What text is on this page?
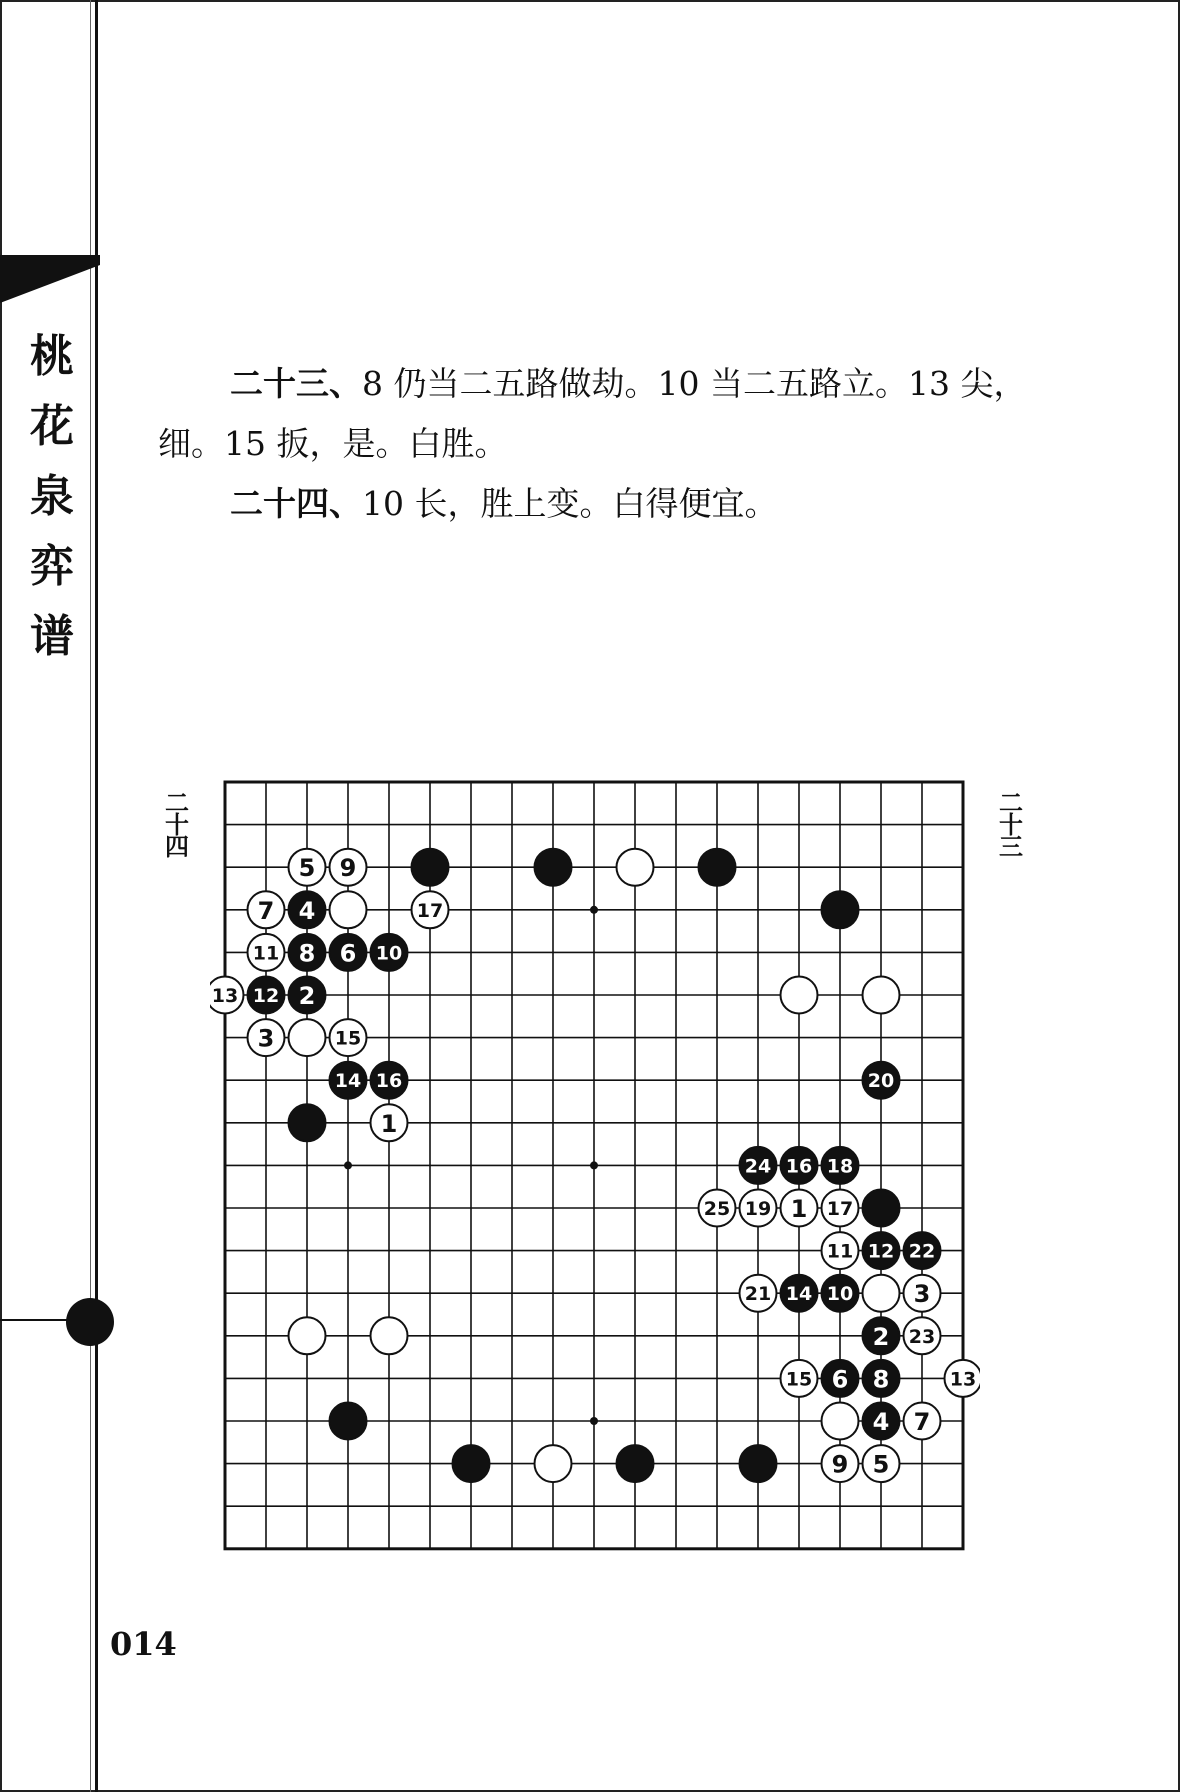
桃
花
泉
弈
谱
二十三、8 仍当二五路做劫。10 当二五路立。13 尖，
细。15 扳，是。白胜。
二十四、10 长，胜上变。白得便宜。
二
十
四
二
十
三
1
2
3
4
5
6
7
8
9
10
11
12
13
14
15
16
17
20
1
2
3
4
5
6
7
8
9
10
11 12
13
14
15
16
17
18
19
21
22
23
24
25
014
